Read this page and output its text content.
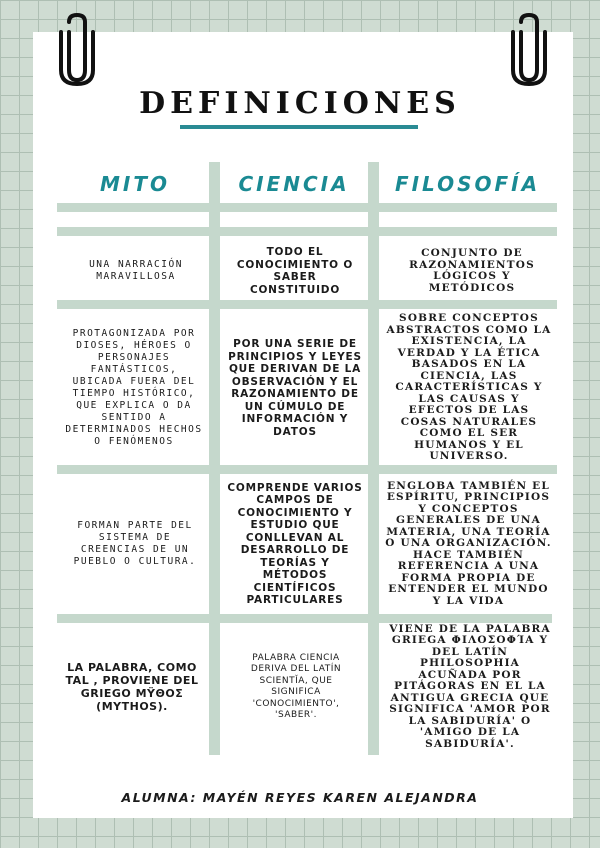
DEFINICIONES
MITO	CIENCIA	FILOSOFÍA
UNA NARRACIÓN MARAVILLOSA
TODO EL CONOCIMIENTO O SABER CONSTITUIDO
CONJUNTO DE RAZONAMIENTOS LÓGICOS Y METÓDICOS
PROTAGONIZADA POR DIOSES, HÉROES O PERSONAJES FANTÁSTICOS, UBICADA FUERA DEL TIEMPO HISTÓRICO, QUE EXPLICA O DA SENTIDO A DETERMINADOS HECHOS O FENÓMENOS
POR UNA SERIE DE PRINCIPIOS Y LEYES QUE DERIVAN DE LA OBSERVACIÓN Y EL RAZONAMIENTO DE UN CÚMULO DE INFORMACIÓN Y DATOS
SOBRE CONCEPTOS ABSTRACTOS COMO LA EXISTENCIA, LA VERDAD Y LA ÉTICA BASADOS EN LA CIENCIA, LAS CARACTERÍSTICAS Y LAS CAUSAS Y EFECTOS DE LAS COSAS NATURALES COMO EL SER HUMANOS Y EL UNIVERSO.
FORMAN PARTE DEL SISTEMA DE CREENCIAS DE UN PUEBLO O CULTURA.
COMPRENDE VARIOS CAMPOS DE CONOCIMIENTO Y ESTUDIO QUE CONLLEVAN AL DESARROLLO DE TEORÍAS Y MÉTODOS CIENTÍFICOS PARTICULARES
ENGLOBA TAMBIÉN EL ESPÍRITU, PRINCIPIOS Y CONCEPTOS GENERALES DE UNA MATERIA, UNA TEORÍA O UNA ORGANIZACIÓN. HACE TAMBIÉN REFERENCIA A UNA FORMA PROPIA DE ENTENDER EL MUNDO Y LA VIDA
LA PALABRA, COMO TAL , PROVIENE DEL GRIEGO ΜΫΘΟΣ (MYTHOS).
PALABRA CIENCIA DERIVA DEL LATÍN SCIENTĬA, QUE SIGNIFICA 'CONOCIMIENTO', 'SABER'.
VIENE DE LA PALABRA GRIEGA ΦΙΛΟΣΟΦΊΑ Y DEL LATÍN PHILOSOPHIA ACUÑADA POR PITÁGORAS EN EL LA ANTIGUA GRECIA QUE SIGNIFICA 'AMOR POR LA SABIDURÍA' O 'AMIGO DE LA SABIDURÍA'.
ALUMNA: MAYÉN REYES KAREN ALEJANDRA
